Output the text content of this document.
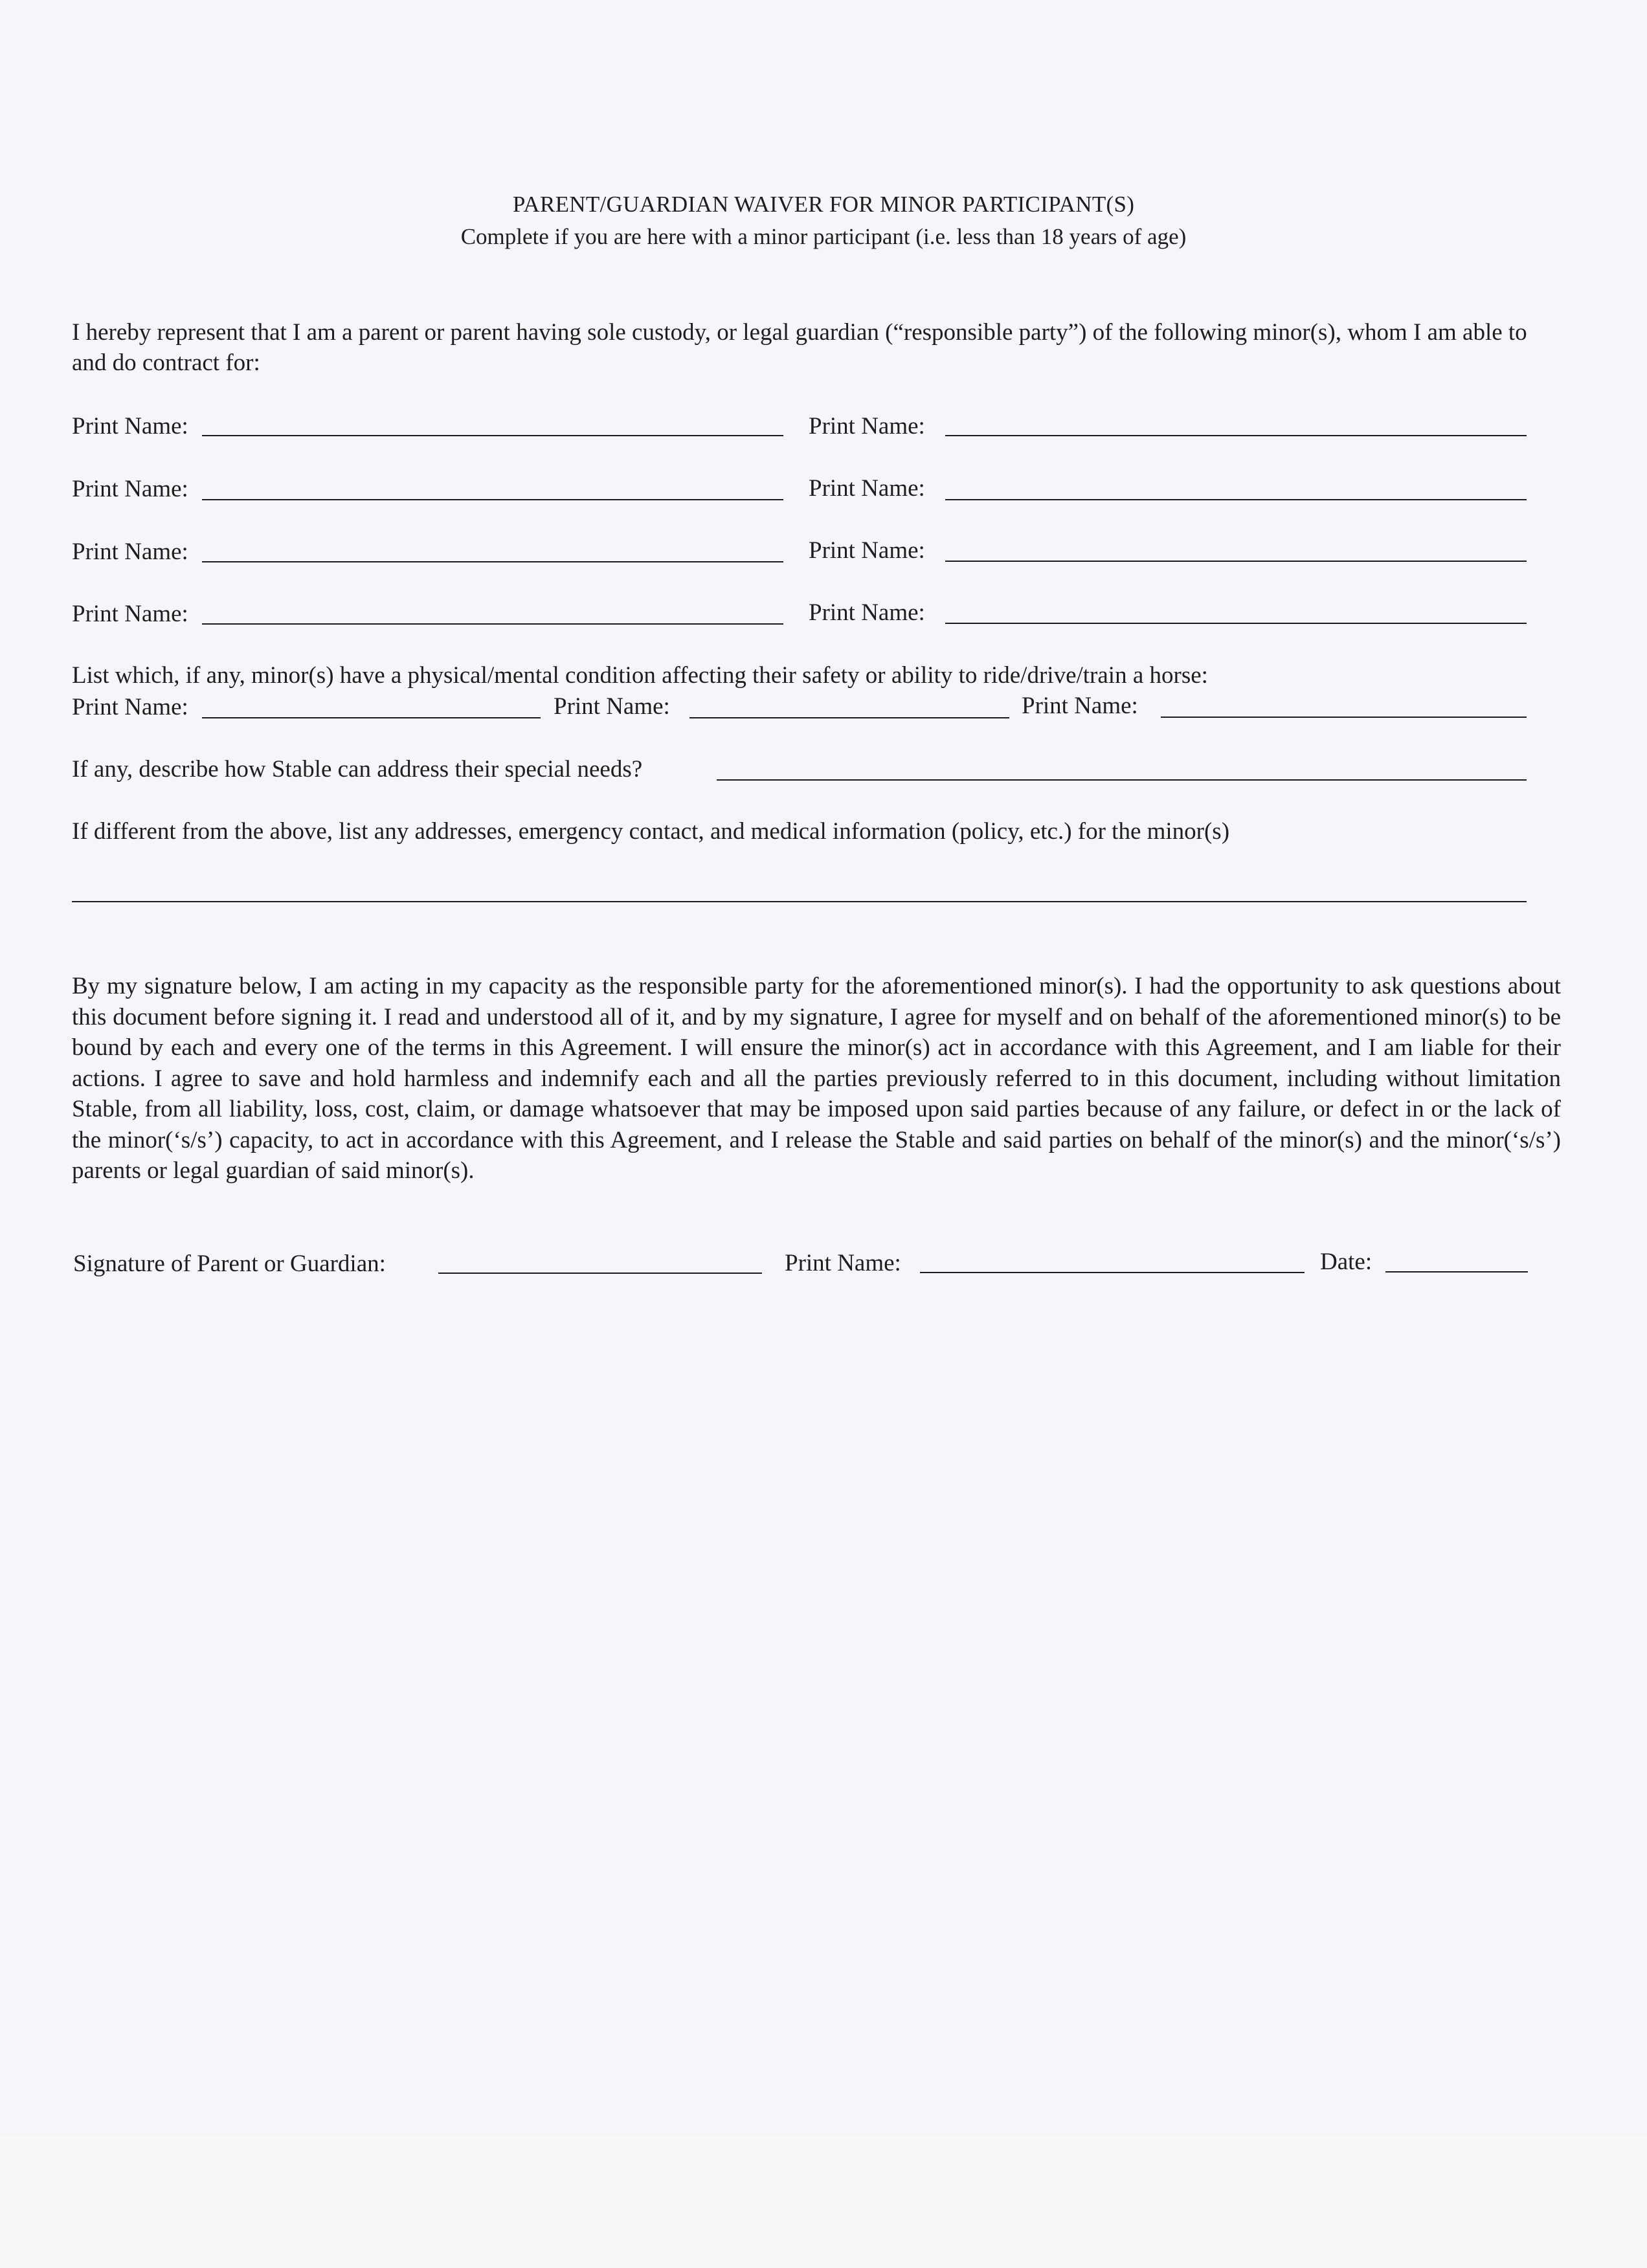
PARENT/GUARDIAN WAIVER FOR MINOR PARTICIPANT(S)
Complete if you are here with a minor participant (i.e. less than 18 years of age)
I hereby represent that I am a parent or parent having sole custody, or legal guardian (“responsible party”) of the following minor(s), whom I am able to and do contract for:
Print Name:	Print Name:
Print Name:	Print Name:
Print Name:	Print Name:
Print Name:	Print Name:
List which, if any, minor(s) have a physical/mental condition affecting their safety or ability to ride/drive/train a horse:
Print Name:	Print Name:	Print Name:
If any, describe how Stable can address their special needs?
If different from the above, list any addresses, emergency contact, and medical information (policy, etc.) for the minor(s)
By my signature below, I am acting in my capacity as the responsible party for the aforementioned minor(s). I had the opportunity to ask questions about this document before signing it. I read and understood all of it, and by my signature, I agree for myself and on behalf of the aforementioned minor(s) to be bound by each and every one of the terms in this Agreement. I will ensure the minor(s) act in accordance with this Agreement, and I am liable for their actions. I agree to save and hold harmless and indemnify each and all the parties previously referred to in this document, including without limitation Stable, from all liability, loss, cost, claim, or damage whatsoever that may be imposed upon said parties because of any failure, or defect in or the lack of the minor(‘s/s’) capacity, to act in accordance with this Agreement, and I release the Stable and said parties on behalf of the minor(s) and the minor(‘s/s’) parents or legal guardian of said minor(s).
Signature of Parent or Guardian:	Print Name:	Date:
